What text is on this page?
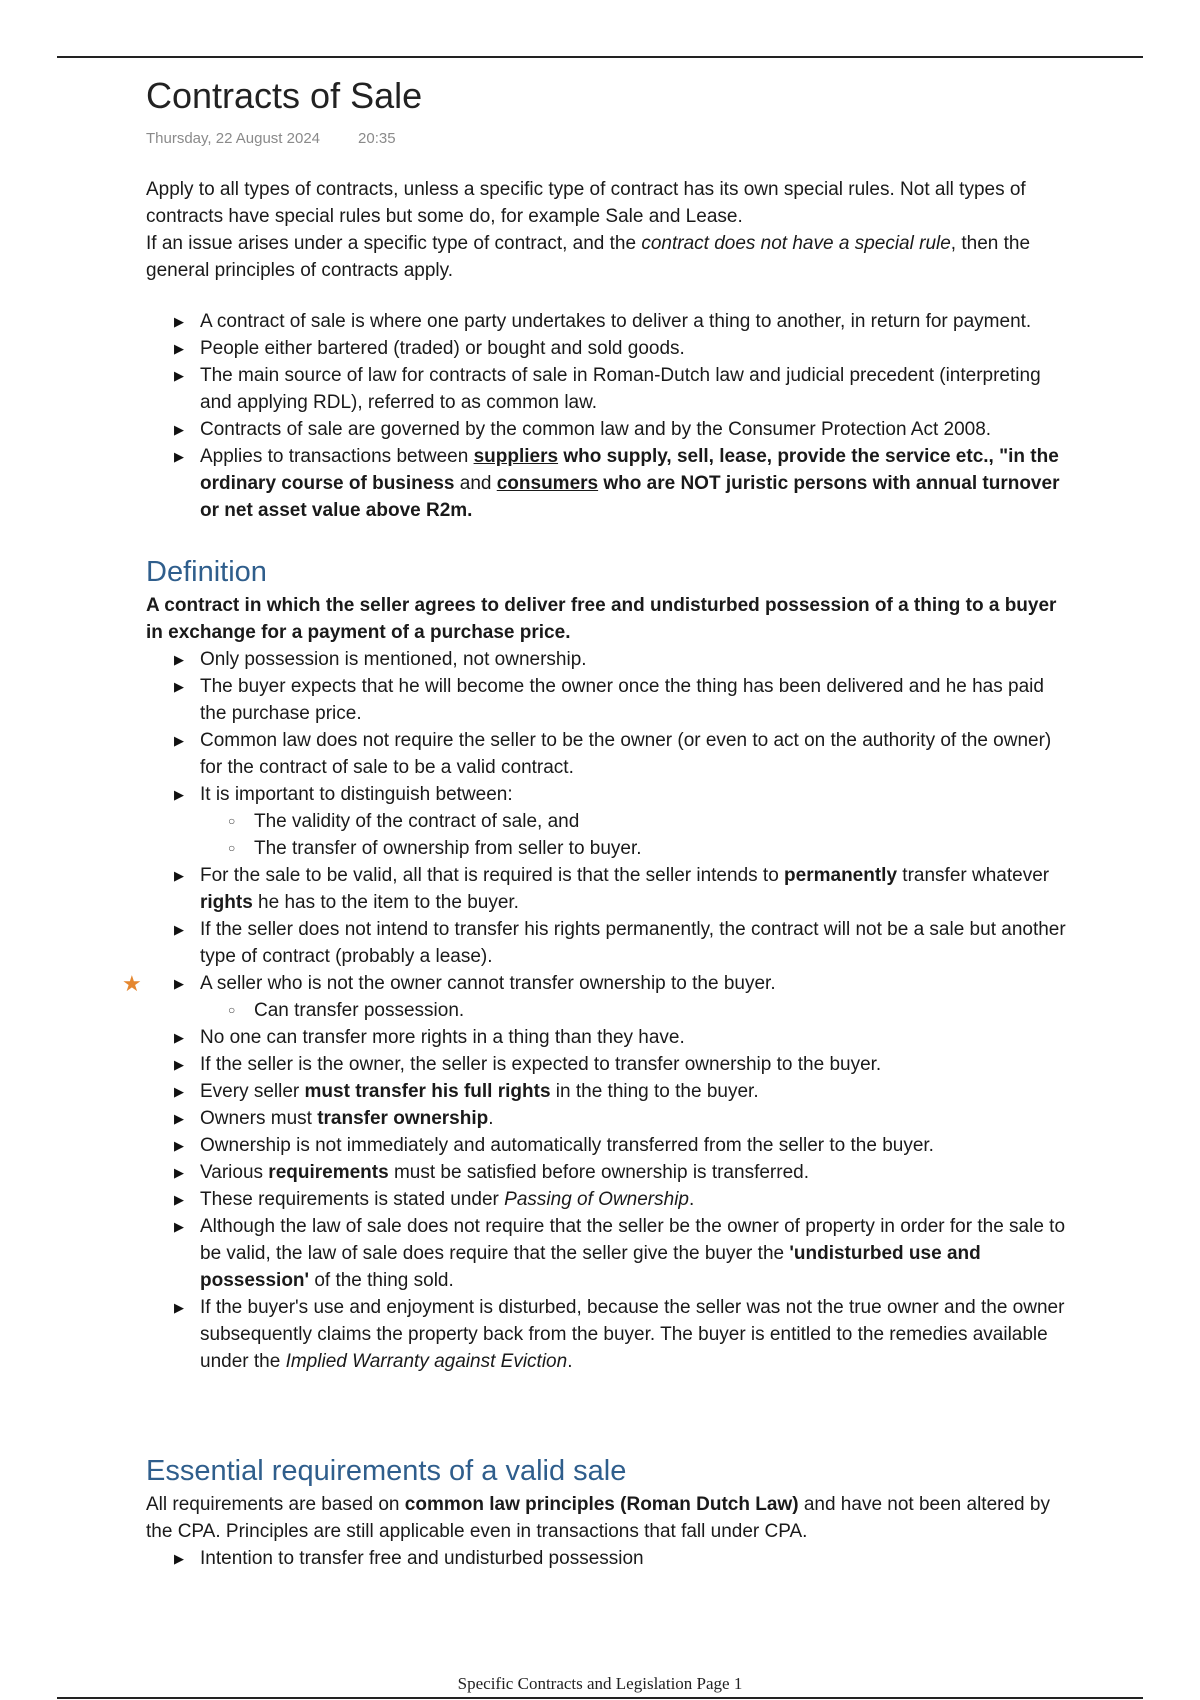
Contracts of Sale
Thursday, 22 August 2024	20:35

Apply to all types of contracts, unless a specific type of contract has its own special rules. Not all types of contracts have special rules but some do, for example Sale and Lease.

If an issue arises under a specific type of contract, and the contract does not have a special rule, then the general principles of contracts apply.

▶ A contract of sale is where one party undertakes to deliver a thing to another, in return for payment.
▶ People either bartered (traded) or bought and sold goods.
▶ The main source of law for contracts of sale in Roman-Dutch law and judicial precedent (interpreting and applying RDL), referred to as common law.
▶ Contracts of sale are governed by the common law and by the Consumer Protection Act 2008.
▶ Applies to transactions between suppliers who supply, sell, lease, provide the service etc., "in the ordinary course of business and consumers who are NOT juristic persons with annual turnover or net asset value above R2m.
Definition

A contract in which the seller agrees to deliver free and undisturbed possession of a thing to a buyer in exchange for a payment of a purchase price.

▶ Only possession is mentioned, not ownership.
▶ The buyer expects that he will become the owner once the thing has been delivered and he has paid the purchase price.
▶ Common law does not require the seller to be the owner (or even to act on the authority of the owner) for the contract of sale to be a valid contract.
▶ It is important to distinguish between:
○ The validity of the contract of sale, and
○ The transfer of ownership from seller to buyer.
▶ For the sale to be valid, all that is required is that the seller intends to permanently transfer whatever rights he has to the item to the buyer.
▶ If the seller does not intend to transfer his rights permanently, the contract will not be a sale but another type of contract (probably a lease).
★ ▶ A seller who is not the owner cannot transfer ownership to the buyer.
○ Can transfer possession.
▶ No one can transfer more rights in a thing than they have.
▶ If the seller is the owner, the seller is expected to transfer ownership to the buyer.
▶ Every seller must transfer his full rights in the thing to the buyer.
▶ Owners must transfer ownership.
▶ Ownership is not immediately and automatically transferred from the seller to the buyer.
▶ Various requirements must be satisfied before ownership is transferred.
▶ These requirements is stated under Passing of Ownership.
▶ Although the law of sale does not require that the seller be the owner of property in order for the sale to be valid, the law of sale does require that the seller give the buyer the 'undisturbed use and possession' of the thing sold.
▶ If the buyer's use and enjoyment is disturbed, because the seller was not the true owner and the owner subsequently claims the property back from the buyer. The buyer is entitled to the remedies available under the Implied Warranty against Eviction.
Essential requirements of a valid sale

All requirements are based on common law principles (Roman Dutch Law) and have not been altered by the CPA. Principles are still applicable even in transactions that fall under CPA.

▶ Intention to transfer free and undisturbed possession
Specific Contracts and Legislation Page 1
